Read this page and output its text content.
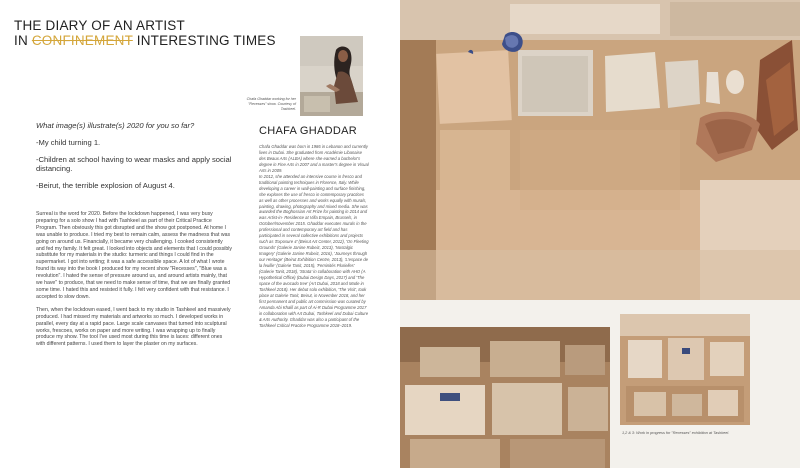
THE DIARY OF AN ARTIST
IN CONFINEMENT INTERESTING TIMES

What image(s) illustrate(s) 2020 for you so far?

-My child turning 1.

-Children at school having to wear masks and apply social distancing.

-Beirut, the terrible explosion of August 4.

Surreal is the word for 2020. Before the lockdown happened, I was very busy preparing for a solo show I had with Tashkeel as part of their Critical Practice Program. Then obviously this got disrupted and the show got postponed. At home I was unable to produce. I tried my best to remain calm, assess the madness that was going on around us. Financially, it became very challenging. I cooked consistently and fed my family. It felt great. I looked into objects and elements that I could possibly substitute for my materials in the studio: turmeric and things I could find in the supermarket. I got into writing; it was a safe accessible space. A lot of what I wrote found its way into the book I produced for my recent show "Recesses", "Blue was a revolution". I hated the sense of pressure around us, and around artists mainly, that we have" to produce, that we need to make sense of time, that we are finally granted some time. I hated this and resisted it fully. I felt very confident with that resistance. I accepted to slow down.

Then, when the lockdown eased, I went back to my studio in Tashkeel and massively produced. I had missed my materials and artworks so much. I developed works in parallel, every day at a rapid pace. Large scale canvases that turned into sculptural works, frescoes, works on paper and more writing. I was wrapping up to finally produce my show. The tool I've used most during this time is laces: different ones with different patterns. I used them to layer the plaster on my surfaces.

Chafa Ghaddar working for her "Recesses" show. Courtesy of Tashkeel.
CHAFA GHADDAR

Chafa Ghaddar was born in 1986 in Lebanon and currently lives in Dubai. She graduated from Académie Libanaise des Beaux Arts (ALBA) where she earned a bachelor's degree in Fine Arts in 2007 and a master's degree in Visual Arts in 2009.

In 2012, she attended an intensive course in fresco and traditional painting techniques in Florence, Italy. While developing a career in wall-painting and surface finishing, she explores the use of fresco in contemporary practices as well as other processes and works equally with murals, painting, drawing, photography and mixed media. She was awarded the Boghossian Art Prize for painting in 2014 and was Artist-in- Residence at Villa Empain, Brussels, in October/November 2015. Ghaddar executes murals in the professional and contemporary art field and has participated in several collective exhibitions and projects such as 'Exposure 4' (Beirut Art Center, 2012), 'On Fleeting Grounds' (Galerie Janine Rubeiz, 2013), 'Nostalgic Imagery' (Galerie Janine Rubeiz, 2016), 'Journeys through our Heritage' (Beirut Exhibition Centre, 2013), 'L'espace de la feuille' (Galerie Tanit, 2015), 'Feminités Plurielles' (Galerie Tanit, 2018), 'Strata' in collaboration with AHO (A Hypothetical Office) (Dubai Design Days, 2017) and 'The space of the avocado tree' (Art Dubai, 2018 and Made in Tashkeel 2018). Her debut solo exhibition, 'The Visit', took place at Galerie Tanit, Beirut, in November 2018, and her first permanent and public art commission was curated by Amanda Abi Khalil as part of Ai-R Dubai Programme 2017 in collaboration with Art Dubai, Tashkeel and Dubai Culture & Arts Authority. Ghaddar was also a participant of the Tashkeel Critical Practice Programme 2018–2019.

1,2 & 3: Work in progress for "Recesses" exhibition at Tashkeel.
